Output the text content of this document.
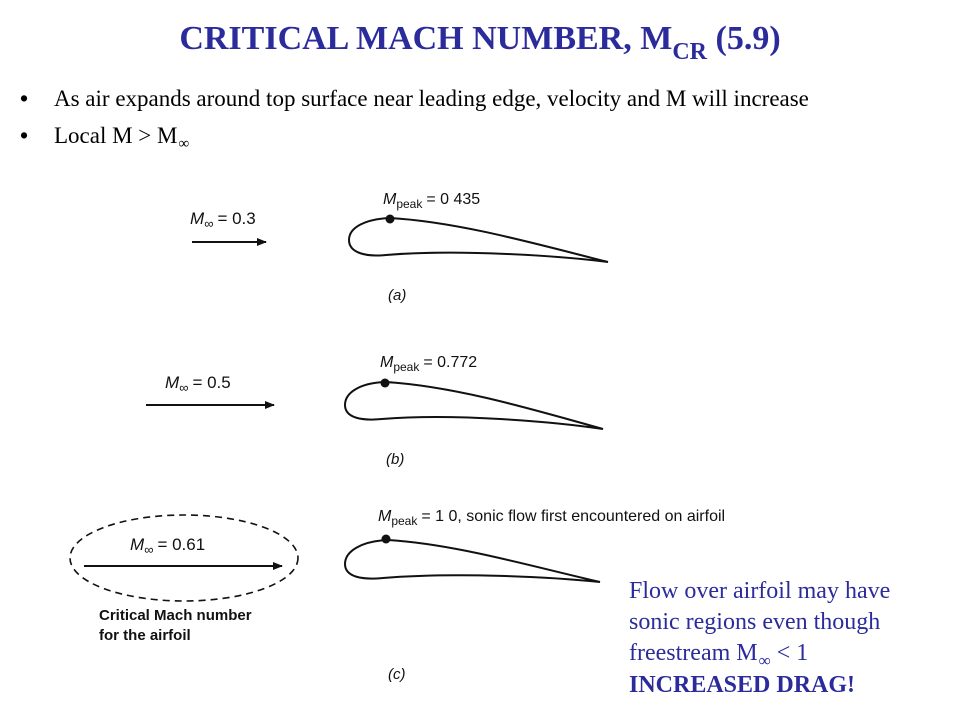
CRITICAL MACH NUMBER, $M_{CR}$ (5.9)
• As air expands around top surface near leading edge, velocity and M will increase
• Local $M > M_\infty$
$M_\infty = 0.3$
$M_{peak} = 0$ 435
(a)
$M_\infty = 0.5$
$M_{peak} = 0.772$
(b)
$M_\infty = 0.61$
Critical Mach number
for the airfoil
$M_{peak} = 1$ 0, sonic flow first encountered on airfoil
(c)
Flow over airfoil may have
sonic regions even though
freestream $M_\infty < 1$
INCREASED DRAG!
